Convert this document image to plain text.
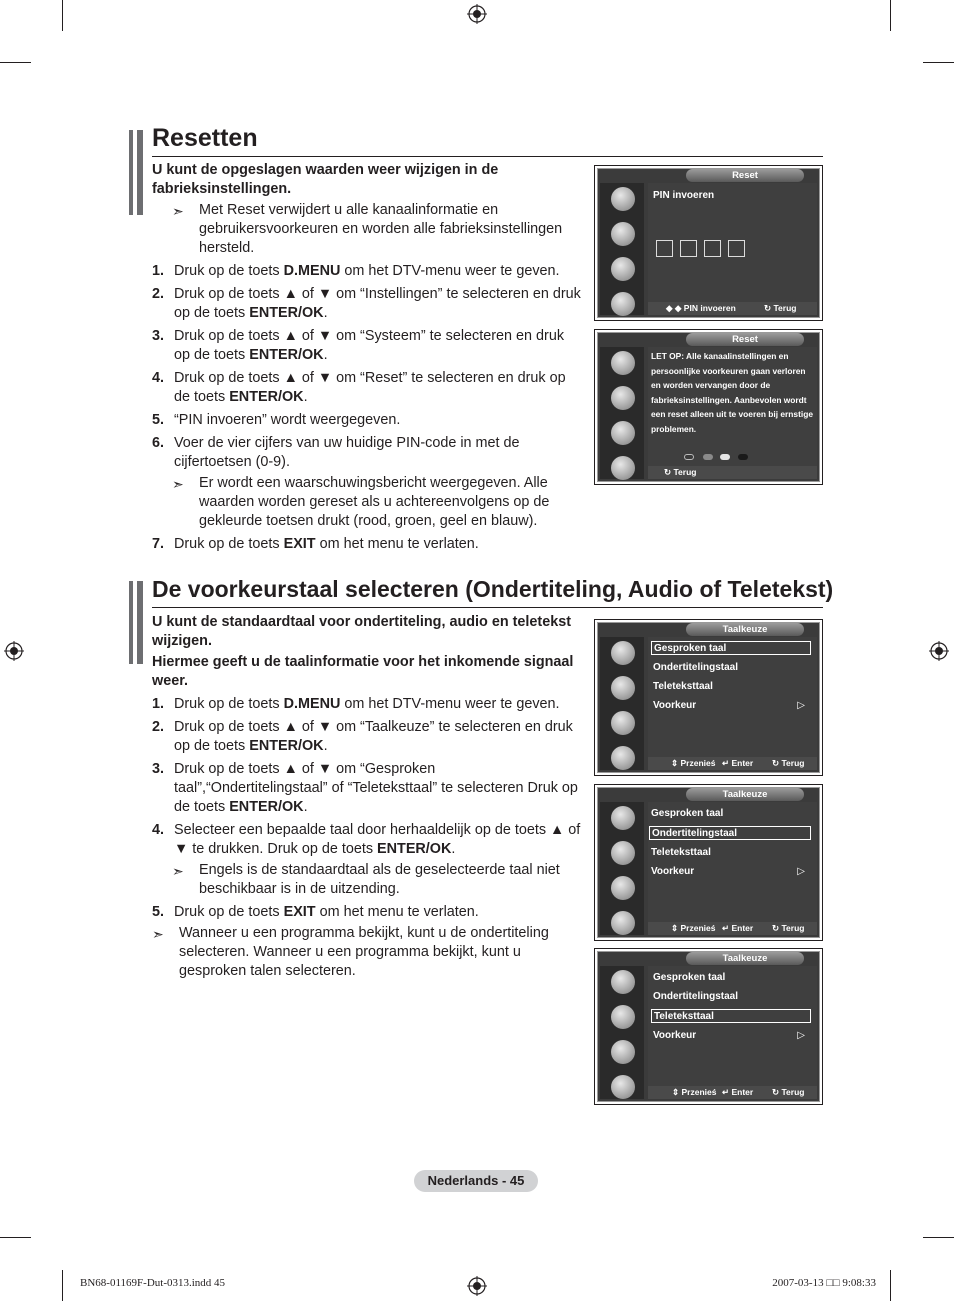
Resetten

U kunt de opgeslagen waarden weer wijzigen in de fabrieksinstellingen.

➣ Met Reset verwijdert u alle kanaalinformatie en gebruikersvoorkeuren en worden alle fabrieksinstellingen hersteld.

1. Druk op de toets D.MENU om het DTV-menu weer te geven.

2. Druk op de toets ▲ of ▼ om “Instellingen” te selecteren en druk op de toets ENTER/OK.

3. Druk op de toets ▲ of ▼ om “Systeem” te selecteren en druk op de toets ENTER/OK.

4. Druk op de toets ▲ of ▼ om “Reset” te selecteren en druk op de toets ENTER/OK.

5. “PIN invoeren” wordt weergegeven.

6. Voer de vier cijfers van uw huidige PIN-code in met de cijfertoetsen (0-9).

➣ Er wordt een waarschuwingsbericht weergegeven. Alle waarden worden gereset als u achtereenvolgens op de gekleurde toetsen drukt (rood, groen, geel en blauw).

7. Druk op de toets EXIT om het menu te verlaten.

Reset
PIN invoeren
◆ ◆ PIN invoeren	↻ Terug
Reset
LET OP: Alle kanaalinstellingen en persoonlijke voorkeuren gaan verloren en worden vervangen door de fabrieksinstellingen. Aanbevolen wordt een reset alleen uit te voeren bij ernstige problemen.
↻ Terug
De voorkeurstaal selecteren (Ondertiteling, Audio of Teletekst)

U kunt de standaardtaal voor ondertiteling, audio en teletekst wijzigen.

Hiermee geeft u de taalinformatie voor het inkomende signaal weer.

1. Druk op de toets D.MENU om het DTV-menu weer te geven.

2. Druk op de toets ▲ of ▼ om “Taalkeuze” te selecteren en druk op de toets ENTER/OK.

3. Druk op de toets ▲ of ▼ om “Gesproken taal”,“Ondertitelingstaal” of “Teleteksttaal” te selecteren Druk op de toets ENTER/OK.

4. Selecteer een bepaalde taal door herhaaldelijk op de toets ▲ of ▼ te drukken. Druk op de toets ENTER/OK.

➣ Engels is de standaardtaal als de geselecteerde taal niet beschikbaar is in de uitzending.

5. Druk op de toets EXIT om het menu te verlaten.

➣ Wanneer u een programma bekijkt, kunt u de ondertiteling selecteren. Wanneer u een programma bekijkt, kunt u gesproken talen selecteren.

Taalkeuze
Gesproken taal
Ondertitelingstaal
Teleteksttaal
Voorkeur	▷
⇕ Przenieś ↵ Enter ↻ Terug
Taalkeuze
Gesproken taal
Ondertitelingstaal
Teleteksttaal
Voorkeur	▷
⇕ Przenieś ↵ Enter ↻ Terug
Taalkeuze
Gesproken taal
Ondertitelingstaal
Teleteksttaal
Voorkeur	▷
⇕ Przenieś ↵ Enter ↻ Terug
Nederlands - 45
BN68-01169F-Dut-0313.indd 45	2007-03-13 □□ 9:08:33
